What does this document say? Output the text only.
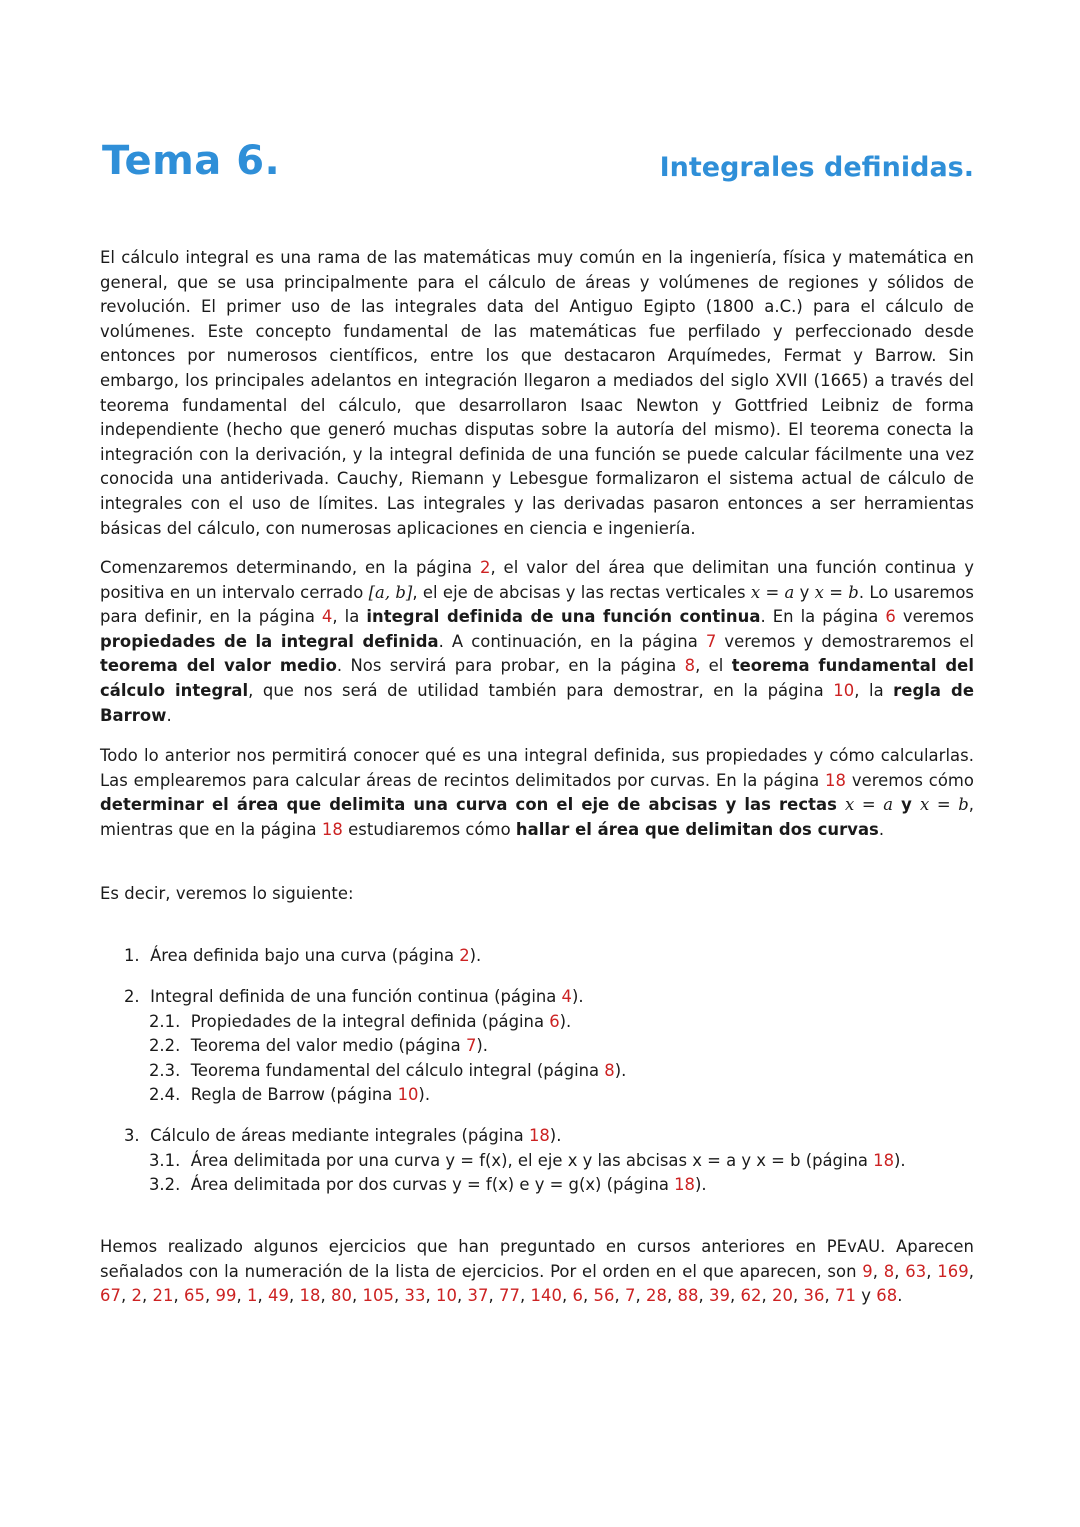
Tema 6.	Integrales definidas.

El cálculo integral es una rama de las matemáticas muy común en la ingeniería, física y matemática en general, que se usa principalmente para el cálculo de áreas y volúmenes de regiones y sólidos de revolución. El primer uso de las integrales data del Antiguo Egipto (1800 a.C.) para el cálculo de volúmenes. Este concepto fundamental de las matemáticas fue perfilado y perfeccionado desde entonces por numerosos científicos, entre los que destacaron Arquímedes, Fermat y Barrow. Sin embargo, los principales adelantos en integración llegaron a mediados del siglo XVII (1665) a través del teorema fundamental del cálculo, que desarrollaron Isaac Newton y Gottfried Leibniz de forma independiente (hecho que generó muchas disputas sobre la autoría del mismo). El teorema conecta la integración con la derivación, y la integral definida de una función se puede calcular fácilmente una vez conocida una antiderivada. Cauchy, Riemann y Lebesgue formalizaron el sistema actual de cálculo de integrales con el uso de límites. Las integrales y las derivadas pasaron entonces a ser herramientas básicas del cálculo, con numerosas aplicaciones en ciencia e ingeniería.

Comenzaremos determinando, en la página 2, el valor del área que delimitan una función continua y positiva en un intervalo cerrado [a, b], el eje de abcisas y las rectas verticales x = a y x = b. Lo usaremos para definir, en la página 4, la integral definida de una función continua. En la página 6 veremos propiedades de la integral definida. A continuación, en la página 7 veremos y demostraremos el teorema del valor medio. Nos servirá para probar, en la página 8, el teorema fundamental del cálculo integral, que nos será de utilidad también para demostrar, en la página 10, la regla de Barrow.

Todo lo anterior nos permitirá conocer qué es una integral definida, sus propiedades y cómo calcularlas. Las emplearemos para calcular áreas de recintos delimitados por curvas. En la página 18 veremos cómo determinar el área que delimita una curva con el eje de abcisas y las rectas x = a y x = b, mientras que en la página 18 estudiaremos cómo hallar el área que delimitan dos curvas.

Es decir, veremos lo siguiente:

1. Área definida bajo una curva (página 2).
2. Integral definida de una función continua (página 4).
2.1. Propiedades de la integral definida (página 6).
2.2. Teorema del valor medio (página 7).
2.3. Teorema fundamental del cálculo integral (página 8).
2.4. Regla de Barrow (página 10).
3. Cálculo de áreas mediante integrales (página 18).
3.1. Área delimitada por una curva y = f(x), el eje x y las abcisas x = a y x = b (página 18).
3.2. Área delimitada por dos curvas y = f(x) e y = g(x) (página 18).

Hemos realizado algunos ejercicios que han preguntado en cursos anteriores en PEvAU. Aparecen señalados con la numeración de la lista de ejercicios. Por el orden en el que aparecen, son 9, 8, 63, 169, 67, 2, 21, 65, 99, 1, 49, 18, 80, 105, 33, 10, 37, 77, 140, 6, 56, 7, 28, 88, 39, 62, 20, 36, 71 y 68.
